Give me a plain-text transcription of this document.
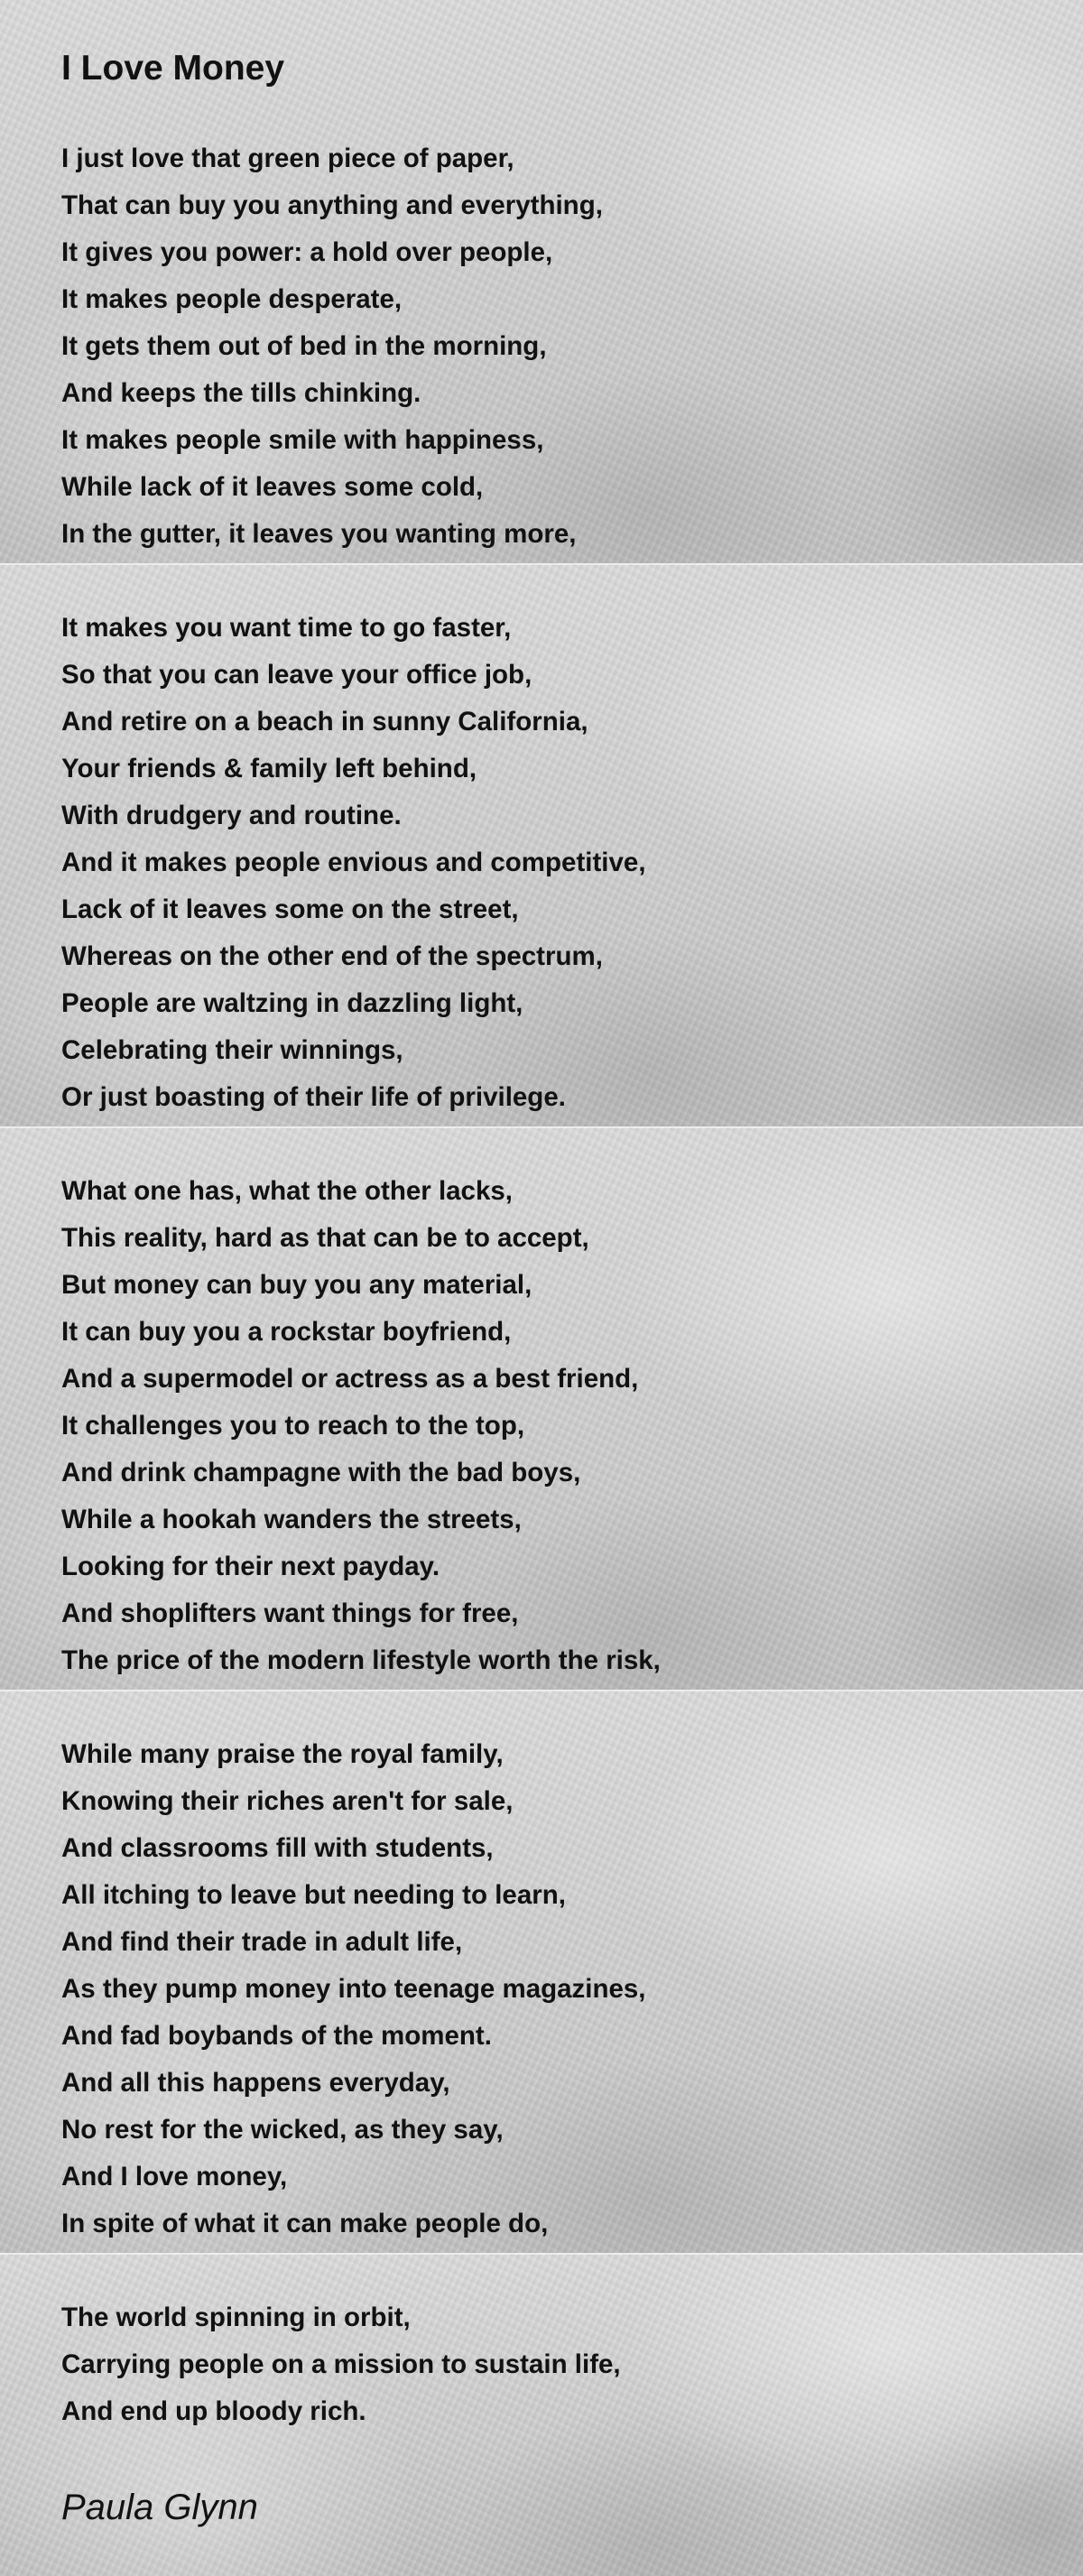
I Love Money
I just love that green piece of paper,
That can buy you anything and everything,
It gives you power: a hold over people,
It makes people desperate,
It gets them out of bed in the morning,
And keeps the tills chinking.
It makes people smile with happiness,
While lack of it leaves some cold,
In the gutter, it leaves you wanting more,
It makes you want time to go faster,
So that you can leave your office job,
And retire on a beach in sunny California,
Your friends & family left behind,
With drudgery and routine.
And it makes people envious and competitive,
Lack of it leaves some on the street,
Whereas on the other end of the spectrum,
People are waltzing in dazzling light,
Celebrating their winnings,
Or just boasting of their life of privilege.
What one has, what the other lacks,
This reality, hard as that can be to accept,
But money can buy you any material,
It can buy you a rockstar boyfriend,
And a supermodel or actress as a best friend,
It challenges you to reach to the top,
And drink champagne with the bad boys,
While a hookah wanders the streets,
Looking for their next payday.
And shoplifters want things for free,
The price of the modern lifestyle worth the risk,
While many praise the royal family,
Knowing their riches aren't for sale,
And classrooms fill with students,
All itching to leave but needing to learn,
And find their trade in adult life,
As they pump money into teenage magazines,
And fad boybands of the moment.
And all this happens everyday,
No rest for the wicked, as they say,
And I love money,
In spite of what it can make people do,
The world spinning in orbit,
Carrying people on a mission to sustain life,
And end up bloody rich.
Paula Glynn
